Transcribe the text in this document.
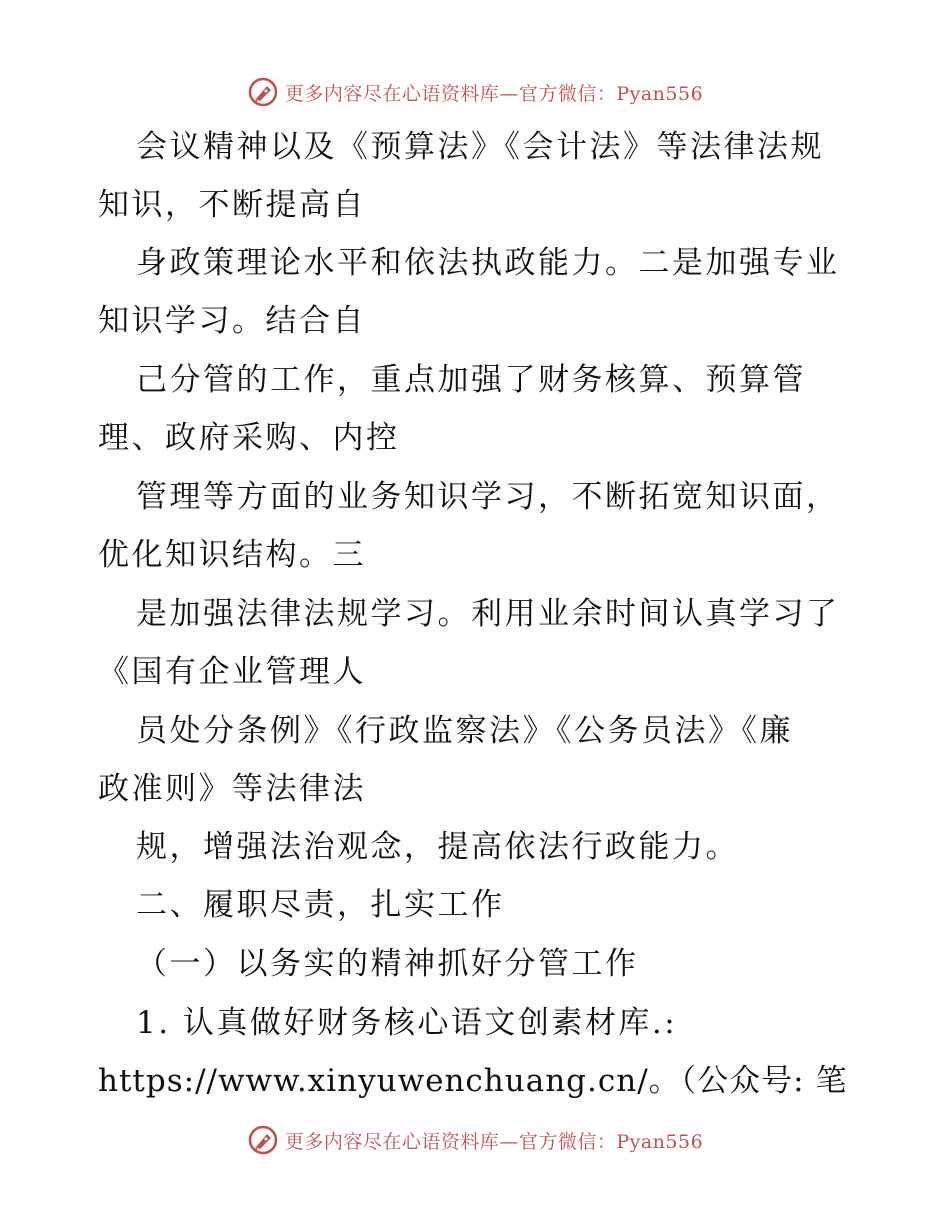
更多内容尽在心语资料库—官方微信：Pyan556
会议精神以及《预算法》《会计法》等法律法规
知识，不断提高自
身政策理论水平和依法执政能力。二是加强专业
知识学习。结合自
己分管的工作，重点加强了财务核算、预算管
理、政府采购、内控
管理等方面的业务知识学习，不断拓宽知识面，
优化知识结构。三
是加强法律法规学习。利用业余时间认真学习了
《国有企业管理人
员处分条例》《行政监察法》《公务员法》《廉
政准则》等法律法
规，增强法治观念，提高依法行政能力。
二、履职尽责，扎实工作
（一）以务实的精神抓好分管工作
1. 认真做好财务核心语文创素材库.:
https://www.xinyuwenchuang.cn/。（公众号: 笔
更多内容尽在心语资料库—官方微信：Pyan556
